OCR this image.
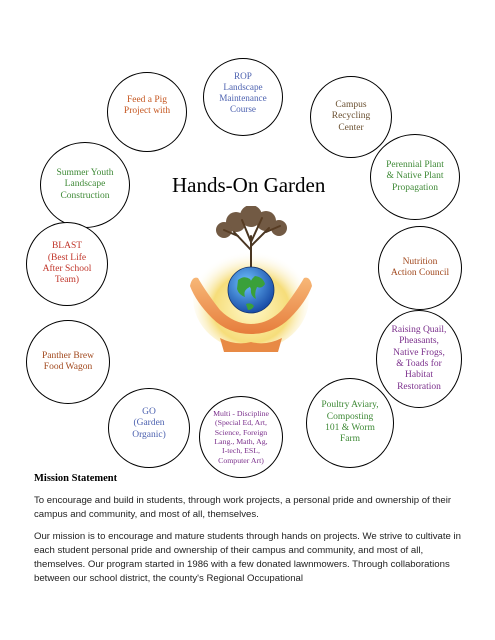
Hands-On Garden
Feed a Pig
Project with
ROP
Landscape
Maintenance
Course	Campus
Recycling
Center
Summer Youth
Landscape
Construction
Perennial Plant
& Native Plant
Propagation
BLAST
(Best Life
After School
Team)
Nutrition
Action Council
Panther Brew
Food Wagon
Raising Quail,
Pheasants,
Native Frogs,
& Toads for
Habitat
Restoration
GO
(Garden
Organic)
Multi - Discipline
(Special Ed, Art,
Science, Foreign
Lang., Math, Ag,
I-tech, ESL,
Computer Art)
Poultry Aviary,
Composting
101 & Worm
Farm
Mission Statement

To encourage and build in students, through work projects, a personal pride and ownership of their campus and community, and most of all, themselves.

Our mission is to encourage and mature students through hands on projects. We strive to cultivate in each student personal pride and ownership of their campus and community, and most of all, themselves. Our program started in 1986 with a few donated lawnmowers. Through collaborations between our school district, the county's Regional Occupational
